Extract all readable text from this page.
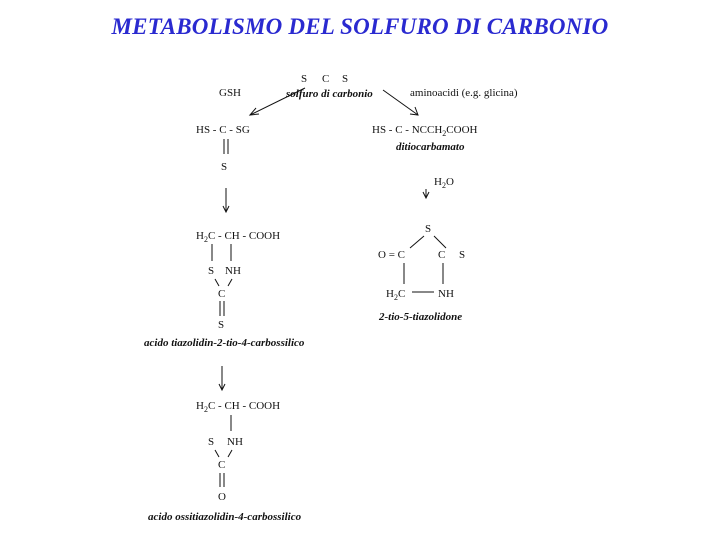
METABOLISMO DEL SOLFURO DI CARBONIO
S C S
solfuro di carbonio
GSH	aminoacidi (e.g. glicina)
HS - C - SG
S
$H_2C$ - CH - COOH
S NH
C
S
acido tiazolidin-2-tio-4-carbossilico
$H_2C$ - CH - COOH
S NH
C
O
acido ossitiazolidin-4-carbossilico
HS - C - $NCCH_2COOH$
ditiocarbamato
$H_2O$
S
O = C	C S
$H_2C$	NH
2-tio-5-tiazolidone
